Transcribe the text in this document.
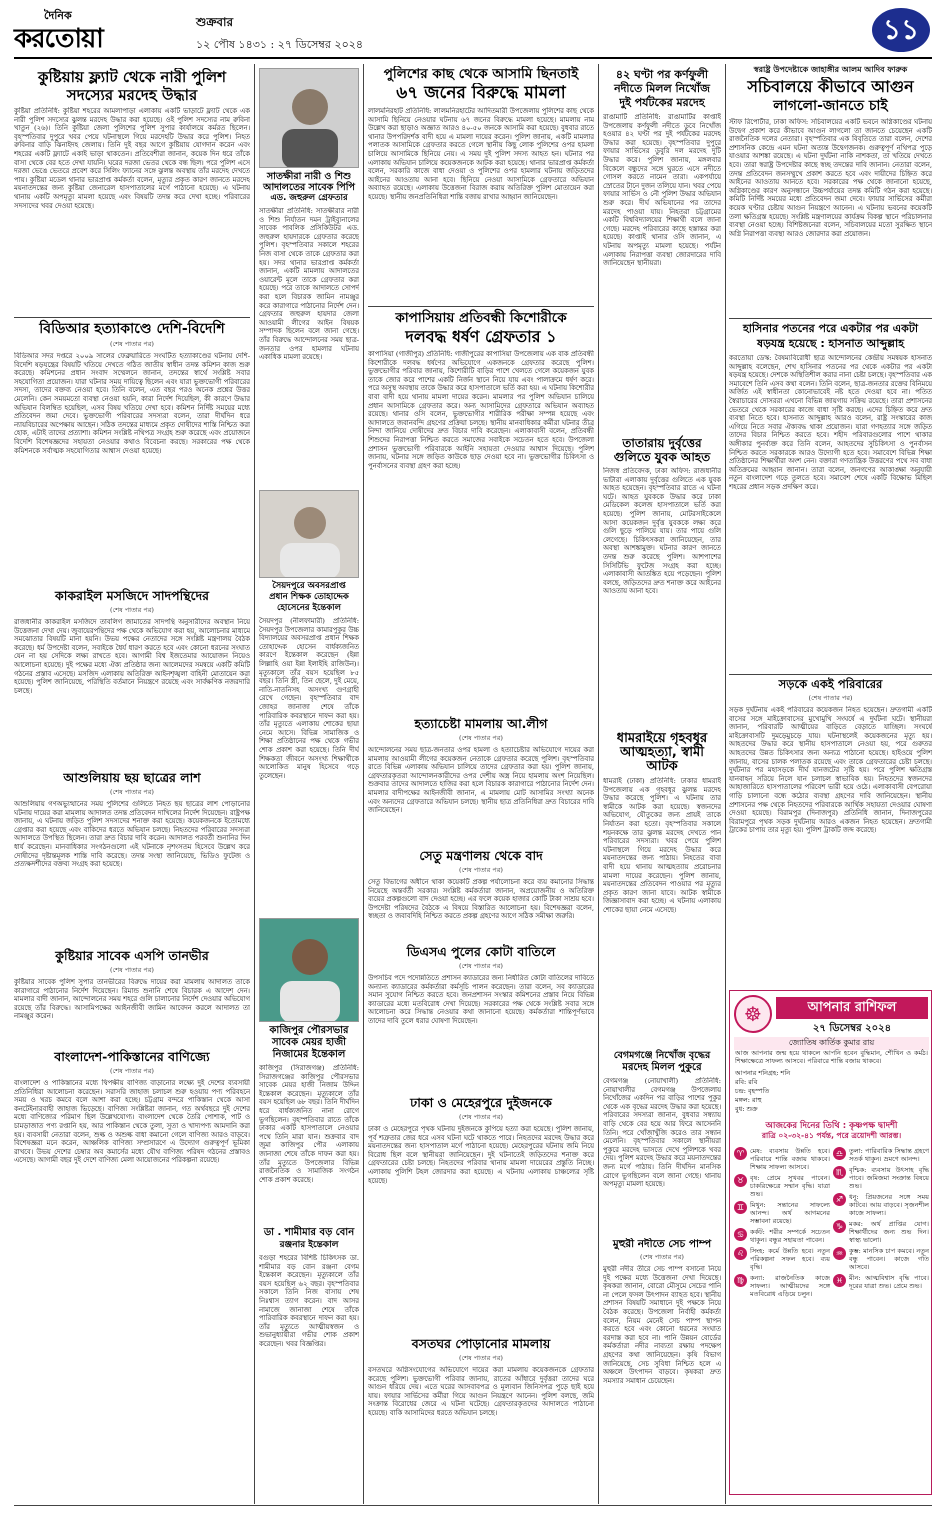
দৈনিক
করতোয়া
শুক্রবার
১২ পৌষ ১৪৩১ : ২৭ ডিসেম্বর ২০২৪	১১
কুষ্টিয়ায় ফ্ল্যাট থেকে নারী পুলিশ
সদস্যের মরদেহ উদ্ধার
কুষ্টিয়া প্রতিনিধি: কুষ্টিয়া শহরের আমলাপাড়া এলাকায় একটি ভাড়াটে ফ্ল্যাট থেকে এক নারী পুলিশ সদস্যের ঝুলন্ত মরদেহ উদ্ধার করা হয়েছে। ওই পুলিশ সদস্যের নাম রুবিনা খাতুন (২৬)। তিনি কুষ্টিয়া জেলা পুলিশের পুলিশ সুপার কার্যালয়ে কর্মরত ছিলেন। বৃহস্পতিবার দুপুরে খবর পেয়ে ঘটনাস্থলে গিয়ে মরদেহটি উদ্ধার করে পুলিশ। নিহত রুবিনার বাড়ি ঝিনাইদহ জেলায়। তিনি দুই বছর আগে কুষ্টিয়ায় যোগদান করেন এবং শহরের একটি ফ্ল্যাটে একাই ভাড়া থাকতেন। প্রতিবেশীরা জানান, কয়েক দিন ধরে তাঁকে বাসা থেকে বের হতে দেখা যায়নি। ঘরের দরজা ভেতর থেকে বন্ধ ছিল। পরে পুলিশ এসে দরজা ভেঙে ভেতরে প্রবেশ করে সিলিং ফ্যানের সঙ্গে ঝুলন্ত অবস্থায় তাঁর মরদেহ দেখতে পায়। কুষ্টিয়া মডেল থানার ভারপ্রাপ্ত কর্মকর্তা বলেন, মৃত্যুর প্রকৃত কারণ জানতে মরদেহ ময়নাতদন্তের জন্য কুষ্টিয়া জেনারেল হাসপাতালের মর্গে পাঠানো হয়েছে। এ ঘটনায় থানায় একটি অপমৃত্যু মামলা হয়েছে এবং বিষয়টি তদন্ত করে দেখা হচ্ছে। পরিবারের সদস্যদের খবর দেওয়া হয়েছে।
বিডিআর হত্যাকাণ্ডে দেশি-বিদেশি
(শেষ পাতার পর)
বিডিআর সদর দপ্তরে ২০০৯ সালের ফেব্রুয়ারিতে সংঘটিত হত্যাকাণ্ডের ঘটনায় দেশি-বিদেশি ষড়যন্ত্রের বিষয়টি খতিয়ে দেখতে গঠিত জাতীয় স্বাধীন তদন্ত কমিশন কাজ শুরু করেছে। কমিশনের প্রধান সংবাদ সম্মেলনে জানান, তদন্তের স্বার্থে সংশ্লিষ্ট সবার সহযোগিতা প্রয়োজন। যারা ঘটনার সময় দায়িত্বে ছিলেন এবং যারা ভুক্তভোগী পরিবারের সদস্য, তাদের বক্তব্য নেওয়া হবে। তিনি বলেন, এত বছর পরও অনেক প্রশ্নের উত্তর মেলেনি। কেন সময়মতো ব্যবস্থা নেওয়া হয়নি, কারা নির্দেশ দিয়েছিল, কী কারণে উদ্ধার অভিযান বিলম্বিত হয়েছিল, এসব বিষয় খতিয়ে দেখা হবে। কমিশন নির্দিষ্ট সময়ের মধ্যে প্রতিবেদন জমা দেবে। ভুক্তভোগী পরিবারের সদস্যরা বলেন, তারা দীর্ঘদিন ধরে ন্যায়বিচারের অপেক্ষায় আছেন। সঠিক তদন্তের মাধ্যমে প্রকৃত দোষীদের শাস্তি নিশ্চিত করা হোক, এটাই তাদের প্রত্যাশা। কমিশন সংশ্লিষ্ট নথিপত্র সংগ্রহ শুরু করেছে এবং প্রয়োজনে বিদেশি বিশেষজ্ঞদের সহায়তা নেওয়ার কথাও বিবেচনা করছে। সরকারের পক্ষ থেকে কমিশনকে সর্বাত্মক সহযোগিতার আশ্বাস দেওয়া হয়েছে।
কাকরাইল মসজিদে সাদপন্থিদের
(শেষ পাতার পর)
রাজধানীর কাকরাইল মসজিদে তাবলিগ জামাতের সাদপন্থি অনুসারীদের অবস্থান নিয়ে উত্তেজনা দেখা দেয়। জুবায়েরপন্থিদের পক্ষ থেকে অভিযোগ করা হয়, আলোচনার মাধ্যমে সমঝোতার বিষয়টি মানা হয়নি। উভয় পক্ষের নেতাদের সঙ্গে সংশ্লিষ্ট মন্ত্রণালয় বৈঠক করেছে। ধর্ম উপদেষ্টা বলেন, সবাইকে ধৈর্য ধারণ করতে হবে এবং কোনো ধরনের সংঘাত যেন না হয় সেদিকে লক্ষ্য রাখতে হবে। আগামী বিশ্ব ইজতেমার আয়োজন নিয়েও আলোচনা হয়েছে। দুই পক্ষের মধ্যে ঐক্য প্রতিষ্ঠার জন্য আলেমদের সমন্বয়ে একটি কমিটি গঠনের প্রস্তাব এসেছে। মসজিদ এলাকায় অতিরিক্ত আইনশৃঙ্খলা বাহিনী মোতায়েন করা হয়েছে। পুলিশ জানিয়েছে, পরিস্থিতি বর্তমানে নিয়ন্ত্রণে রয়েছে এবং সার্বক্ষণিক নজরদারি চলছে।
আশুলিয়ায় ছয় ছাত্রের লাশ
(শেষ পাতার পর)
আশুলিয়ায় গণঅভ্যুত্থানের সময় পুলিশের গুলিতে নিহত ছয় ছাত্রের লাশ পোড়ানোর ঘটনায় দায়ের করা মামলায় আদালত তদন্ত প্রতিবেদন দাখিলের নির্দেশ দিয়েছেন। রাষ্ট্রপক্ষ জানায়, এ ঘটনায় জড়িত পুলিশ সদস্যদের শনাক্ত করা হয়েছে। কয়েকজনকে ইতোমধ্যে গ্রেপ্তার করা হয়েছে এবং বাকিদের ধরতে অভিযান চলছে। নিহতদের পরিবারের সদস্যরা আদালতে উপস্থিত ছিলেন। তারা দ্রুত বিচার দাবি করেন। আদালত পরবর্তী শুনানির দিন ধার্য করেছেন। মানবাধিকার সংগঠনগুলো এই ঘটনাকে নৃশংসতম হিসেবে উল্লেখ করে দোষীদের দৃষ্টান্তমূলক শাস্তি দাবি করেছে। তদন্ত সংস্থা জানিয়েছে, ভিডিও ফুটেজ ও প্রত্যক্ষদর্শীদের বক্তব্য সংগ্রহ করা হয়েছে।
কুষ্টিয়ার সাবেক এসপি তানভীর
(শেষ পাতার পর)
কুষ্টিয়ার সাবেক পুলিশ সুপার তানভীরের বিরুদ্ধে দায়ের করা মামলায় আদালত তাকে কারাগারে পাঠানোর নির্দেশ দিয়েছেন। রিমান্ড শুনানি শেষে বিচারক এ আদেশ দেন। মামলার বাদী জানান, আন্দোলনের সময় শহরে গুলি চালানোর নির্দেশ দেওয়ার অভিযোগ রয়েছে তাঁর বিরুদ্ধে। আসামিপক্ষের আইনজীবী জামিন আবেদন করলে আদালত তা নামঞ্জুর করেন।
বাংলাদেশ-পাকিস্তানের বাণিজ্যে
(শেষ পাতার পর)
বাংলাদেশ ও পাকিস্তানের মধ্যে দ্বিপক্ষীয় বাণিজ্য বাড়ানোর লক্ষ্যে দুই দেশের ব্যবসায়ী প্রতিনিধিরা আলোচনা করেছেন। সরাসরি জাহাজ চলাচল শুরু হওয়ায় পণ্য পরিবহনে সময় ও খরচ কমবে বলে আশা করা হচ্ছে। চট্টগ্রাম বন্দরে পাকিস্তান থেকে আসা কনটেইনারবাহী জাহাজ ভিড়েছে। বাণিজ্য সংশ্লিষ্টরা জানান, গত অর্থবছরে দুই দেশের মধ্যে বাণিজ্যের পরিমাণ ছিল উল্লেখযোগ্য। বাংলাদেশ থেকে তৈরি পোশাক, পাট ও চামড়াজাত পণ্য রপ্তানি হয়, আর পাকিস্তান থেকে তুলা, সুতা ও খাদ্যপণ্য আমদানি করা হয়। ব্যবসায়ী নেতারা বলেন, শুল্ক ও অশুল্ক বাধা কমানো গেলে বাণিজ্য আরও বাড়বে। বিশেষজ্ঞরা মনে করেন, আঞ্চলিক বাণিজ্য সম্প্রসারণে এ উদ্যোগ গুরুত্বপূর্ণ ভূমিকা রাখবে। উভয় দেশের চেম্বার অব কমার্সের মধ্যে যৌথ বাণিজ্য পরিষদ গঠনের প্রস্তাবও এসেছে। আগামী বছর দুই দেশে বাণিজ্য মেলা আয়োজনের পরিকল্পনা রয়েছে।
সাতক্ষীরা নারী ও শিশু
আদালতের সাবেক পিপি
এড. জহুরুল গ্রেফতার
সাতক্ষীরা প্রতিনিধি: সাতক্ষীরার নারী ও শিশু নির্যাতন দমন ট্রাইব্যুনালের সাবেক পাবলিক প্রসিকিউটর এড. জহুরুল হায়দারকে গ্রেফতার করেছে পুলিশ। বৃহস্পতিবার সকালে শহরের নিজ বাসা থেকে তাকে গ্রেফতার করা হয়। সদর থানার ভারপ্রাপ্ত কর্মকর্তা জানান, একটি মামলায় আদালতের ওয়ারেন্ট মূলে তাকে গ্রেফতার করা হয়েছে। পরে তাকে আদালতে সোপর্দ করা হলে বিচারক জামিন নামঞ্জুর করে কারাগারে পাঠানোর নির্দেশ দেন। গ্রেফতার জহুরুল হায়দার জেলা আওয়ামী লীগের আইন বিষয়ক সম্পাদক ছিলেন বলে জানা গেছে। তাঁর বিরুদ্ধে আন্দোলনের সময় ছাত্র-জনতার ওপর হামলার ঘটনায় একাধিক মামলা রয়েছে।
সৈয়দপুরে অবসরপ্রাপ্ত
প্রধান শিক্ষক তোহাদ্দেক
হোসেনের ইন্তেকাল
সৈয়দপুর (নীলফামারী) প্রতিনিধি: সৈয়দপুর উপজেলার কামারপুকুর উচ্চ বিদ্যালয়ের অবসরপ্রাপ্ত প্রধান শিক্ষক তোহাদ্দেক হোসেন বার্ধক্যজনিত কারণে ইন্তেকাল করেছেন (ইন্না লিল্লাহি ওয়া ইন্না ইলাইহি রাজিউন)। মৃত্যুকালে তাঁর বয়স হয়েছিল ৮৫ বছর। তিনি স্ত্রী, তিন ছেলে, দুই মেয়ে, নাতি-নাতনিসহ অসংখ্য গুণগ্রাহী রেখে গেছেন। বৃহস্পতিবার বাদ জোহর জানাজা শেষে তাঁকে পারিবারিক কবরস্থানে দাফন করা হয়। তাঁর মৃত্যুতে এলাকায় শোকের ছায়া নেমে আসে। বিভিন্ন সামাজিক ও শিক্ষা প্রতিষ্ঠানের পক্ষ থেকে গভীর শোক প্রকাশ করা হয়েছে। তিনি দীর্ঘ শিক্ষকতা জীবনে অসংখ্য শিক্ষার্থীকে আলোকিত মানুষ হিসেবে গড়ে তুলেছেন।
কাজিপুর পৌরসভার
সাবেক মেয়র হাজী
নিজামের ইন্তেকাল
কাজিপুর (সিরাজগঞ্জ) প্রতিনিধি: সিরাজগঞ্জের কাজিপুর পৌরসভার সাবেক মেয়র হাজী নিজাম উদ্দিন ইন্তেকাল করেছেন। মৃত্যুকালে তাঁর বয়স হয়েছিল ৬৮ বছর। তিনি দীর্ঘদিন ধরে বার্ধক্যজনিত নানা রোগে ভুগছিলেন। বৃহস্পতিবার রাতে তাঁকে ঢাকার একটি হাসপাতালে নেওয়ার পথে তিনি মারা যান। শুক্রবার বাদ জুমা কাজিপুর পৌর এলাকায় জানাজা শেষে তাঁকে দাফন করা হয়। তাঁর মৃত্যুতে উপজেলার বিভিন্ন রাজনৈতিক ও সামাজিক সংগঠন শোক প্রকাশ করেছে।
ডা . শামীমার বড় বোন
রঞ্জনার ইন্তেকাল
বগুড়া শহরের বিশিষ্ট চিকিৎসক ডা. শামীমার বড় বোন রঞ্জনা বেগম ইন্তেকাল করেছেন। মৃত্যুকালে তাঁর বয়স হয়েছিল ৬২ বছর। বৃহস্পতিবার সকালে তিনি নিজ বাসায় শেষ নিঃশ্বাস ত্যাগ করেন। বাদ আসর নামাজে জানাজা শেষে তাঁকে পারিবারিক কবরস্থানে দাফন করা হয়। তাঁর মৃত্যুতে আত্মীয়স্বজন ও শুভানুধ্যায়ীরা গভীর শোক প্রকাশ করেছেন। খবর বিজ্ঞপ্তির।
পুলিশের কাছ থেকে আসামি ছিনতাই
৬৭ জনের বিরুদ্ধে মামলা
লালমনিরহাট প্রতিনিধি: লালমনিরহাটের আদিতমারী উপজেলায় পুলিশের কাছ থেকে আসামি ছিনিয়ে নেওয়ার ঘটনায় ৬৭ জনের বিরুদ্ধে মামলা হয়েছে। মামলায় নাম উল্লেখ করা ছাড়াও অজ্ঞাত আরও ৪০-৫০ জনকে আসামি করা হয়েছে। বুধবার রাতে থানার উপপরিদর্শক বাদী হয়ে এ মামলা দায়ের করেন। পুলিশ জানায়, একটি মামলার পলাতক আসামিকে গ্রেফতার করতে গেলে স্থানীয় কিছু লোক পুলিশের ওপর হামলা চালিয়ে আসামিকে ছিনিয়ে নেয়। এ সময় দুই পুলিশ সদস্য আহত হন। ঘটনার পর এলাকায় অভিযান চালিয়ে কয়েকজনকে আটক করা হয়েছে। থানার ভারপ্রাপ্ত কর্মকর্তা বলেন, সরকারি কাজে বাধা দেওয়া ও পুলিশের ওপর হামলার ঘটনায় জড়িতদের আইনের আওতায় আনা হবে। ছিনিয়ে নেওয়া আসামিকে গ্রেফতারে অভিযান অব্যাহত রয়েছে। এলাকায় উত্তেজনা বিরাজ করায় অতিরিক্ত পুলিশ মোতায়েন করা হয়েছে। স্থানীয় জনপ্রতিনিধিরা শান্তি বজায় রাখার আহ্বান জানিয়েছেন।
কাপাসিয়ায় প্রতিবন্ধী কিশোরীকে
দলবদ্ধ ধর্ষণ গ্রেফতার ১
কাপাসিয়া (গাজীপুর) প্রতিনিধি: গাজীপুরের কাপাসিয়া উপজেলায় এক বাক প্রতিবন্ধী কিশোরীকে দলবদ্ধ ধর্ষণের অভিযোগে একজনকে গ্রেফতার করেছে পুলিশ। ভুক্তভোগীর পরিবার জানায়, কিশোরীটি বাড়ির পাশে খেলতে গেলে কয়েকজন যুবক তাকে জোর করে পাশের একটি নির্জন স্থানে নিয়ে যায় এবং পালাক্রমে ধর্ষণ করে। পরে অসুস্থ অবস্থায় তাকে উদ্ধার করে হাসপাতালে ভর্তি করা হয়। এ ঘটনায় কিশোরীর বাবা বাদী হয়ে থানায় মামলা দায়ের করেন। মামলার পর পুলিশ অভিযান চালিয়ে প্রধান আসামিকে গ্রেফতার করে। অন্য আসামিদের গ্রেফতারে অভিযান অব্যাহত রয়েছে। থানার ওসি বলেন, ভুক্তভোগীর শারীরিক পরীক্ষা সম্পন্ন হয়েছে এবং আদালতে জবানবন্দি গ্রহণের প্রক্রিয়া চলছে। স্থানীয় মানবাধিকার কর্মীরা ঘটনার তীব্র নিন্দা জানিয়ে দোষীদের দ্রুত বিচার দাবি করেছেন। এলাকাবাসী বলেন, প্রতিবন্ধী শিশুদের নিরাপত্তা নিশ্চিত করতে সমাজের সবাইকে সচেতন হতে হবে। উপজেলা প্রশাসন ভুক্তভোগী পরিবারকে আইনি সহায়তা দেওয়ার আশ্বাস দিয়েছে। পুলিশ জানায়, ঘটনার সঙ্গে জড়িত কাউকে ছাড় দেওয়া হবে না। ভুক্তভোগীর চিকিৎসা ও পুনর্বাসনের ব্যবস্থা গ্রহণ করা হচ্ছে।
হত্যাচেষ্টা মামলায় আ.লীগ
(শেষ পাতার পর)
আন্দোলনের সময় ছাত্র-জনতার ওপর হামলা ও হত্যাচেষ্টার অভিযোগে দায়ের করা মামলায় আওয়ামী লীগের কয়েকজন নেতাকে গ্রেফতার করেছে পুলিশ। বৃহস্পতিবার রাতে বিভিন্ন এলাকায় অভিযান চালিয়ে তাদের গ্রেফতার করা হয়। পুলিশ জানায়, গ্রেফতারকৃতরা আন্দোলনকারীদের ওপর দেশীয় অস্ত্র নিয়ে হামলায় অংশ নিয়েছিল। শুক্রবার তাদের আদালতে হাজির করা হলে বিচারক কারাগারে পাঠানোর নির্দেশ দেন। মামলার বাদীপক্ষের আইনজীবী জানান, এ মামলায় মোট আসামির সংখ্যা অনেক এবং অন্যদের গ্রেফতারে অভিযান চলছে। স্থানীয় ছাত্র প্রতিনিধিরা দ্রুত বিচারের দাবি জানিয়েছেন।
সেতু মন্ত্রণালয় থেকে বাদ
(শেষ পাতার পর)
সেতু বিভাগের অধীনে থাকা কয়েকটি প্রকল্প পর্যালোচনা করে ব্যয় কমানোর সিদ্ধান্ত নিয়েছে অন্তর্বর্তী সরকার। সংশ্লিষ্ট কর্মকর্তারা জানান, অপ্রয়োজনীয় ও অতিরিক্ত ব্যয়ের প্রকল্পগুলো বাদ দেওয়া হচ্ছে। এর ফলে কয়েক হাজার কোটি টাকা সাশ্রয় হবে। উপদেষ্টা পরিষদের বৈঠকে এ বিষয়ে বিস্তারিত আলোচনা হয়। বিশেষজ্ঞরা বলেন, স্বচ্ছতা ও জবাবদিহি নিশ্চিত করতে প্রকল্প গ্রহণের আগে সঠিক সমীক্ষা জরুরি।
ডিএসএ পুলের কোটা বাতিলে
(শেষ পাতার পর)
উপসচিব পদে পদোন্নতিতে প্রশাসন ক্যাডারের জন্য নির্ধারিত কোটা বাতিলের দাবিতে অন্যান্য ক্যাডারের কর্মকর্তারা কর্মসূচি পালন করেছেন। তারা বলেন, সব ক্যাডারের সমান সুযোগ নিশ্চিত করতে হবে। জনপ্রশাসন সংস্কার কমিশনের প্রস্তাব নিয়ে বিভিন্ন ক্যাডারের মধ্যে মতবিরোধ দেখা দিয়েছে। সরকারের পক্ষ থেকে সংশ্লিষ্ট সবার সঙ্গে আলোচনা করে সিদ্ধান্ত নেওয়ার কথা জানানো হয়েছে। কর্মকর্তারা শান্তিপূর্ণভাবে তাদের দাবি তুলে ধরার ঘোষণা দিয়েছেন।
ঢাকা ও মেহেরপুরে দুইজনকে
(শেষ পাতার পর)
ঢাকা ও মেহেরপুরে পৃথক ঘটনায় দুইজনকে কুপিয়ে হত্যা করা হয়েছে। পুলিশ জানায়, পূর্ব শত্রুতার জের ধরে এসব ঘটনা ঘটে থাকতে পারে। নিহতদের মরদেহ উদ্ধার করে ময়নাতদন্তের জন্য হাসপাতাল মর্গে পাঠানো হয়েছে। মেহেরপুরের ঘটনায় জমি নিয়ে বিরোধ ছিল বলে স্থানীয়রা জানিয়েছেন। দুই ঘটনাতেই জড়িতদের শনাক্ত করে গ্রেফতারের চেষ্টা চলছে। নিহতদের পরিবার থানায় মামলা দায়েরের প্রস্তুতি নিচ্ছে। এলাকায় পুলিশি টহল জোরদার করা হয়েছে। এ ঘটনায় এলাকায় চাঞ্চল্যের সৃষ্টি হয়েছে।
বসতঘর পোড়ানোর মামলায়
(শেষ পাতার পর)
বসতঘরে অগ্নিসংযোগের অভিযোগে দায়ের করা মামলায় কয়েকজনকে গ্রেফতার করেছে পুলিশ। ভুক্তভোগী পরিবার জানায়, রাতের আঁধারে দুর্বৃত্তরা তাদের ঘরে আগুন ধরিয়ে দেয়। এতে ঘরের আসবাবপত্র ও মূল্যবান জিনিসপত্র পুড়ে ছাই হয়ে যায়। ফায়ার সার্ভিসের কর্মীরা গিয়ে আগুন নিয়ন্ত্রণে আনেন। পুলিশ বলছে, জমি সংক্রান্ত বিরোধের জেরে এ ঘটনা ঘটেছে। গ্রেফতারকৃতদের আদালতে পাঠানো হয়েছে। বাকি আসামিদের ধরতে অভিযান চলছে।
৪২ ঘণ্টা পর কর্ণফুলী
নদীতে মিলল নিখোঁজ
দুই পর্যটকের মরদেহ
রাঙামাটি প্রতিনিধি: রাঙামাটির কাপ্তাই উপজেলায় কর্ণফুলী নদীতে ডুবে নিখোঁজ হওয়ার ৪২ ঘণ্টা পর দুই পর্যটকের মরদেহ উদ্ধার করা হয়েছে। বৃহস্পতিবার দুপুরে ফায়ার সার্ভিসের ডুবুরি দল মরদেহ দুটি উদ্ধার করে। পুলিশ জানায়, মঙ্গলবার বিকেলে বন্ধুদের সঙ্গে ঘুরতে এসে নদীতে গোসল করতে নামেন তারা। একপর্যায়ে স্রোতের টানে দুজন তলিয়ে যান। খবর পেয়ে ফায়ার সার্ভিস ও নৌ পুলিশ উদ্ধার অভিযান শুরু করে। দীর্ঘ অভিযানের পর তাদের মরদেহ পাওয়া যায়। নিহতরা চট্টগ্রামের একটি বিশ্ববিদ্যালয়ের শিক্ষার্থী বলে জানা গেছে। মরদেহ পরিবারের কাছে হস্তান্তর করা হয়েছে। কাপ্তাই থানার ওসি জানান, এ ঘটনায় অপমৃত্যু মামলা হয়েছে। পর্যটন এলাকায় নিরাপত্তা ব্যবস্থা জোরদারের দাবি জানিয়েছেন স্থানীয়রা।
তাতারায় দুর্বৃত্তের
গুলিতে যুবক আহত
নিজস্ব প্রতিবেদক, ঢাকা অফিস: রাজধানীর ভাটারা এলাকায় দুর্বৃত্তের গুলিতে এক যুবক আহত হয়েছেন। বৃহস্পতিবার রাতে এ ঘটনা ঘটে। আহত যুবককে উদ্ধার করে ঢাকা মেডিকেল কলেজ হাসপাতালে ভর্তি করা হয়েছে। পুলিশ জানায়, মোটরসাইকেলে আসা কয়েকজন দুর্বৃত্ত যুবককে লক্ষ্য করে গুলি ছুড়ে পালিয়ে যায়। তার পায়ে গুলি লেগেছে। চিকিৎসকরা জানিয়েছেন, তার অবস্থা আশঙ্কামুক্ত। ঘটনার কারণ জানতে তদন্ত শুরু করেছে পুলিশ। আশপাশের সিসিটিভি ফুটেজ সংগ্রহ করা হচ্ছে। এলাকাবাসী আতঙ্কিত হয়ে পড়েছেন। পুলিশ বলছে, জড়িতদের দ্রুত শনাক্ত করে আইনের আওতায় আনা হবে।
ধামরাইয়ে গৃহবধূর
আত্মহত্যা, স্বামী
আটক
ধামরাই (ঢাকা) প্রতিনিধি: ঢাকার ধামরাই উপজেলায় এক গৃহবধূর ঝুলন্ত মরদেহ উদ্ধার করেছে পুলিশ। এ ঘটনায় তার স্বামীকে আটক করা হয়েছে। স্বজনদের অভিযোগ, যৌতুকের জন্য প্রায়ই তাকে নির্যাতন করা হতো। বৃহস্পতিবার সকালে শয়নকক্ষে তার ঝুলন্ত মরদেহ দেখতে পান পরিবারের সদস্যরা। খবর পেয়ে পুলিশ ঘটনাস্থলে গিয়ে মরদেহ উদ্ধার করে ময়নাতদন্তের জন্য পাঠায়। নিহতের বাবা বাদী হয়ে থানায় আত্মহত্যায় প্ররোচনার মামলা দায়ের করেছেন। পুলিশ জানায়, ময়নাতদন্তের প্রতিবেদন পাওয়ার পর মৃত্যুর প্রকৃত কারণ জানা যাবে। আটক স্বামীকে জিজ্ঞাসাবাদ করা হচ্ছে। এ ঘটনায় এলাকায় শোকের ছায়া নেমে এসেছে।
বেগমগঞ্জে নিখোঁজ বৃদ্ধের
মরদেহ মিলল পুকুরে
বেগমগঞ্জ (নোয়াখালী) প্রতিনিধি: নোয়াখালীর বেগমগঞ্জ উপজেলায় নিখোঁজের একদিন পর বাড়ির পাশের পুকুর থেকে এক বৃদ্ধের মরদেহ উদ্ধার করা হয়েছে। পরিবারের সদস্যরা জানান, বুধবার সন্ধ্যায় বাড়ি থেকে বের হয়ে আর ফিরে আসেননি তিনি। পরে খোঁজাখুঁজি করেও তার সন্ধান মেলেনি। বৃহস্পতিবার সকালে স্থানীয়রা পুকুরে মরদেহ ভাসতে দেখে পুলিশকে খবর দেয়। পুলিশ মরদেহ উদ্ধার করে ময়নাতদন্তের জন্য মর্গে পাঠায়। তিনি দীর্ঘদিন মানসিক রোগে ভুগছিলেন বলে জানা গেছে। থানায় অপমৃত্যু মামলা হয়েছে।
মুহুরী নদীতে সেচ পাম্প
(শেষ পাতার পর)
মুহুরী নদীর তীরে সেচ পাম্প বসানো নিয়ে দুই পক্ষের মধ্যে উত্তেজনা দেখা দিয়েছে। কৃষকরা জানান, বোরো মৌসুমে সেচের পানি না পেলে ফসল উৎপাদন ব্যাহত হবে। স্থানীয় প্রশাসন বিষয়টি সমাধানে দুই পক্ষকে নিয়ে বৈঠক করেছে। উপজেলা নির্বাহী কর্মকর্তা বলেন, নিয়ম মেনেই সেচ পাম্প স্থাপন করতে হবে এবং কোনো ধরনের সংঘাত বরদাস্ত করা হবে না। পানি উন্নয়ন বোর্ডের কর্মকর্তারা নদীর নাব্যতা রক্ষায় পদক্ষেপ গ্রহণের কথা জানিয়েছেন। কৃষি বিভাগ জানিয়েছে, সেচ সুবিধা নিশ্চিত হলে এ অঞ্চলে উৎপাদন বাড়বে। কৃষকরা দ্রুত সমস্যার সমাধান চেয়েছেন।
স্বরাষ্ট্র উপদেষ্টাকে জাহাঙ্গীর আলম আদিব ফারুক
সচিবালয়ে কীভাবে আগুন
লাগলো-জানতে চাই
স্টাফ রিপোর্টার, ঢাকা অফিস: সচিবালয়ের একটি ভবনে অগ্নিকাণ্ডের ঘটনায় উদ্বেগ প্রকাশ করে কীভাবে আগুন লাগলো তা জানতে চেয়েছেন একটি রাজনৈতিক দলের নেতারা। বৃহস্পতিবার এক বিবৃতিতে তারা বলেন, দেশের প্রশাসনিক কেন্দ্রে এমন ঘটনা অত্যন্ত উদ্বেগজনক। গুরুত্বপূর্ণ নথিপত্র পুড়ে যাওয়ার আশঙ্কা রয়েছে। এ ঘটনা দুর্ঘটনা নাকি নাশকতা, তা খতিয়ে দেখতে হবে। তারা স্বরাষ্ট্র উপদেষ্টার কাছে স্বচ্ছ তদন্তের দাবি জানান। নেতারা বলেন, তদন্ত প্রতিবেদন জনসম্মুখে প্রকাশ করতে হবে এবং দায়ীদের চিহ্নিত করে আইনের আওতায় আনতে হবে। সরকারের পক্ষ থেকে জানানো হয়েছে, অগ্নিকাণ্ডের কারণ অনুসন্ধানে উচ্চপর্যায়ের তদন্ত কমিটি গঠন করা হয়েছে। কমিটি নির্দিষ্ট সময়ের মধ্যে প্রতিবেদন জমা দেবে। ফায়ার সার্ভিসের কর্মীরা কয়েক ঘণ্টার চেষ্টায় আগুন নিয়ন্ত্রণে আনেন। এ ঘটনায় ভবনের কয়েকটি তলা ক্ষতিগ্রস্ত হয়েছে। সংশ্লিষ্ট মন্ত্রণালয়ের কার্যক্রম বিকল্প স্থানে পরিচালনার ব্যবস্থা নেওয়া হচ্ছে। বিশিষ্টজনেরা বলেন, সচিবালয়ের মতো সুরক্ষিত স্থানে অগ্নি নিরাপত্তা ব্যবস্থা আরও জোরদার করা প্রয়োজন।
হাসিনার পতনের পরে একটার পর একটা
ষড়যন্ত্র হয়েছে : হাসনাত আব্দুল্লাহ
করতোয়া ডেস্ক: বৈষম্যবিরোধী ছাত্র আন্দোলনের কেন্দ্রীয় সমন্বয়ক হাসনাত আব্দুল্লাহ বলেছেন, শেখ হাসিনার পতনের পর থেকে একটার পর একটা ষড়যন্ত্র হয়েছে। দেশকে অস্থিতিশীল করার নানা চেষ্টা চলছে। বৃহস্পতিবার এক সমাবেশে তিনি এসব কথা বলেন। তিনি বলেন, ছাত্র-জনতার রক্তের বিনিময়ে অর্জিত এই স্বাধীনতা কোনোভাবেই নষ্ট হতে দেওয়া হবে না। পতিত স্বৈরাচারের দোসররা এখনো বিভিন্ন জায়গায় সক্রিয় রয়েছে। তারা প্রশাসনের ভেতরে থেকে সরকারের কাজে বাধা সৃষ্টি করছে। এদের চিহ্নিত করে দ্রুত ব্যবস্থা নিতে হবে। হাসনাত আব্দুল্লাহ আরও বলেন, রাষ্ট্র সংস্কারের কাজ এগিয়ে নিতে সবার ঐক্যবদ্ধ থাকা প্রয়োজন। যারা গণহত্যার সঙ্গে জড়িত তাদের বিচার নিশ্চিত করতে হবে। শহীদ পরিবারগুলোর পাশে থাকার অঙ্গীকার পুনর্ব্যক্ত করে তিনি বলেন, আহতদের সুচিকিৎসা ও পুনর্বাসন নিশ্চিত করতে সরকারকে আরও উদ্যোগী হতে হবে। সমাবেশে বিভিন্ন শিক্ষা প্রতিষ্ঠানের শিক্ষার্থীরা অংশ নেন। বক্তারা গণতান্ত্রিক উত্তরণের পথে সব বাধা অতিক্রমের আহ্বান জানান। তারা বলেন, জনগণের আকাঙ্ক্ষা অনুযায়ী নতুন বাংলাদেশ গড়ে তুলতে হবে। সমাবেশ শেষে একটি বিক্ষোভ মিছিল শহরের প্রধান সড়ক প্রদক্ষিণ করে।
সড়কে একই পরিবারের
(শেষ পাতার পর)
সড়ক দুর্ঘটনায় একই পরিবারের কয়েকজন নিহত হয়েছেন। দ্রুতগামী একটি বাসের সঙ্গে মাইক্রোবাসের মুখোমুখি সংঘর্ষে এ দুর্ঘটনা ঘটে। স্থানীয়রা জানান, পরিবারটি আত্মীয়ের বাড়িতে বেড়াতে যাচ্ছিল। সংঘর্ষে মাইক্রোবাসটি দুমড়েমুচড়ে যায়। ঘটনাস্থলেই কয়েকজনের মৃত্যু হয়। আহতদের উদ্ধার করে স্থানীয় হাসপাতালে নেওয়া হয়, পরে গুরুতর আহতদের উন্নত চিকিৎসার জন্য অন্যত্র পাঠানো হয়েছে। হাইওয়ে পুলিশ জানায়, বাসের চালক পলাতক রয়েছে এবং তাকে গ্রেফতারের চেষ্টা চলছে। দুর্ঘটনার পর মহাসড়কে দীর্ঘ যানজটের সৃষ্টি হয়। পরে পুলিশ ক্ষতিগ্রস্ত যানবাহন সরিয়ে নিলে যান চলাচল স্বাভাবিক হয়। নিহতদের স্বজনদের আহাজারিতে হাসপাতালের পরিবেশ ভারী হয়ে ওঠে। এলাকাবাসী বেপরোয়া গাড়ি চালানো বন্ধে কঠোর ব্যবস্থা গ্রহণের দাবি জানিয়েছেন। স্থানীয় প্রশাসনের পক্ষ থেকে নিহতদের পরিবারকে আর্থিক সহায়তা দেওয়ার ঘোষণা দেওয়া হয়েছে। বিরামপুর (দিনাজপুর) প্রতিনিধি জানান, দিনাজপুরের বিরামপুরে পৃথক সড়ক দুর্ঘটনায় আরও একজন নিহত হয়েছেন। দ্রুতগামী ট্রাকের চাপায় তার মৃত্যু হয়। পুলিশ ট্রাকটি জব্দ করেছে।
☸	আপনার রাশিফল
২৭ ডিসেম্বর ২০২৪
জ্যোতিষ কার্তিক কুমার রায়
আজ আপনার জন্ম হয়ে থাকলে আপনি হবেন বুদ্ধিমান, শৌখিন ও কর্মঠ। শিক্ষাক্ষেত্রে সাফল্য আসবে। পরিবারে শান্তি বজায় থাকবে।
আপনার শনিগ্রহ: শনি
রবি: রবি
চন্দ্র: বৃহস্পতি
মঙ্গল: রাহু
বুধ: শুক্র
আজকের দিনের তিথি : কৃষ্ণপক্ষ দ্বাদশী
রাত্রি ০২-৩২-৪১ পর্যন্ত, পরে ত্রয়োদশী আরম্ভ।
♈ মেষ: ব্যবসায় উন্নতি হবে। পরিবারে শান্তি বজায় থাকবে। শিক্ষায় সাফল্য আসবে।
♉ বৃষ: প্রেমে সুখবর পাবেন। চাকরিক্ষেত্রে সম্মান বৃদ্ধি। যাত্রা শুভ।
♊ মিথুন: সন্তানের সাফল্যে আনন্দ। অর্থ আগমনের সম্ভাবনা রয়েছে।
♋ কর্কট: শরীর সম্পর্কে সচেতন থাকুন। বন্ধুর সহায়তা পাবেন।
♌ সিংহ: কর্মে উন্নতি হবে। নতুন পরিকল্পনা সফল হবে। ব্যয় বৃদ্ধি।
♍ কন্যা: রাজনৈতিক কাজে সাফল্য। আত্মীয়দের সঙ্গে মতবিরোধ এড়িয়ে চলুন।
♎ তুলা: পারিবারিক সিদ্ধান্ত গ্রহণে সতর্ক থাকুন। ভ্রমণে আনন্দ।
♏ বৃশ্চিক: ব্যবসায় উৎসাহ বৃদ্ধি পাবে। জমিজমা সংক্রান্ত বিষয়ে শুভ।
♐ ধনু: প্রিয়জনের সঙ্গে সময় কাটবে। আয় বাড়বে। সৃজনশীল কাজে সাফল্য।
♑ মকর: অর্থ প্রাপ্তির যোগ। শিক্ষার্থীদের জন্য শুভ দিন। স্বাস্থ্য ভালো।
♒ কুম্ভ: মানসিক চাপ কমবে। নতুন বন্ধু পাবেন। কাজে গতি আসবে।
♓ মীন: আত্মবিশ্বাস বৃদ্ধি পাবে। দূরের যাত্রা শুভ। প্রেমে শুভ।
